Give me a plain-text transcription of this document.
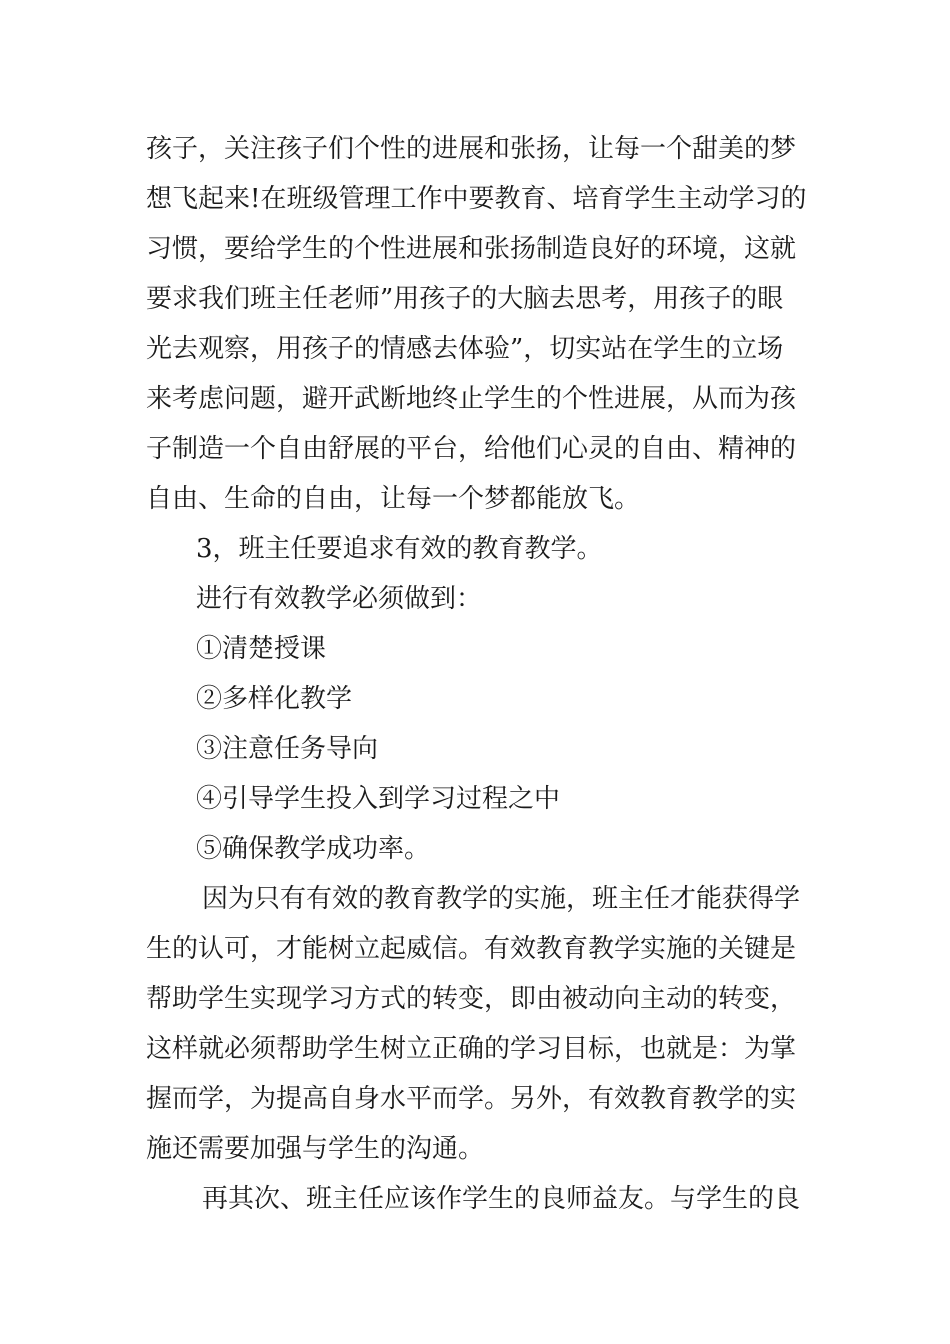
孩子，关注孩子们个性的进展和张扬，让每一个甜美的梦
想飞起来!在班级管理工作中要教育、培育学生主动学习的
习惯，要给学生的个性进展和张扬制造良好的环境，这就
要求我们班主任老师”用孩子的大脑去思考，用孩子的眼
光去观察，用孩子的情感去体验”，切实站在学生的立场
来考虑问题，避开武断地终止学生的个性进展，从而为孩
子制造一个自由舒展的平台，给他们心灵的自由、精神的
自由、生命的自由，让每一个梦都能放飞。
3，班主任要追求有效的教育教学。
进行有效教学必须做到：
①清楚授课
②多样化教学
③注意任务导向
④引导学生投入到学习过程之中
⑤确保教学成功率。
因为只有有效的教育教学的实施，班主任才能获得学
生的认可，才能树立起威信。有效教育教学实施的关键是
帮助学生实现学习方式的转变，即由被动向主动的转变，
这样就必须帮助学生树立正确的学习目标，也就是：为掌
握而学，为提高自身水平而学。另外，有效教育教学的实
施还需要加强与学生的沟通。
再其次、班主任应该作学生的良师益友。与学生的良
